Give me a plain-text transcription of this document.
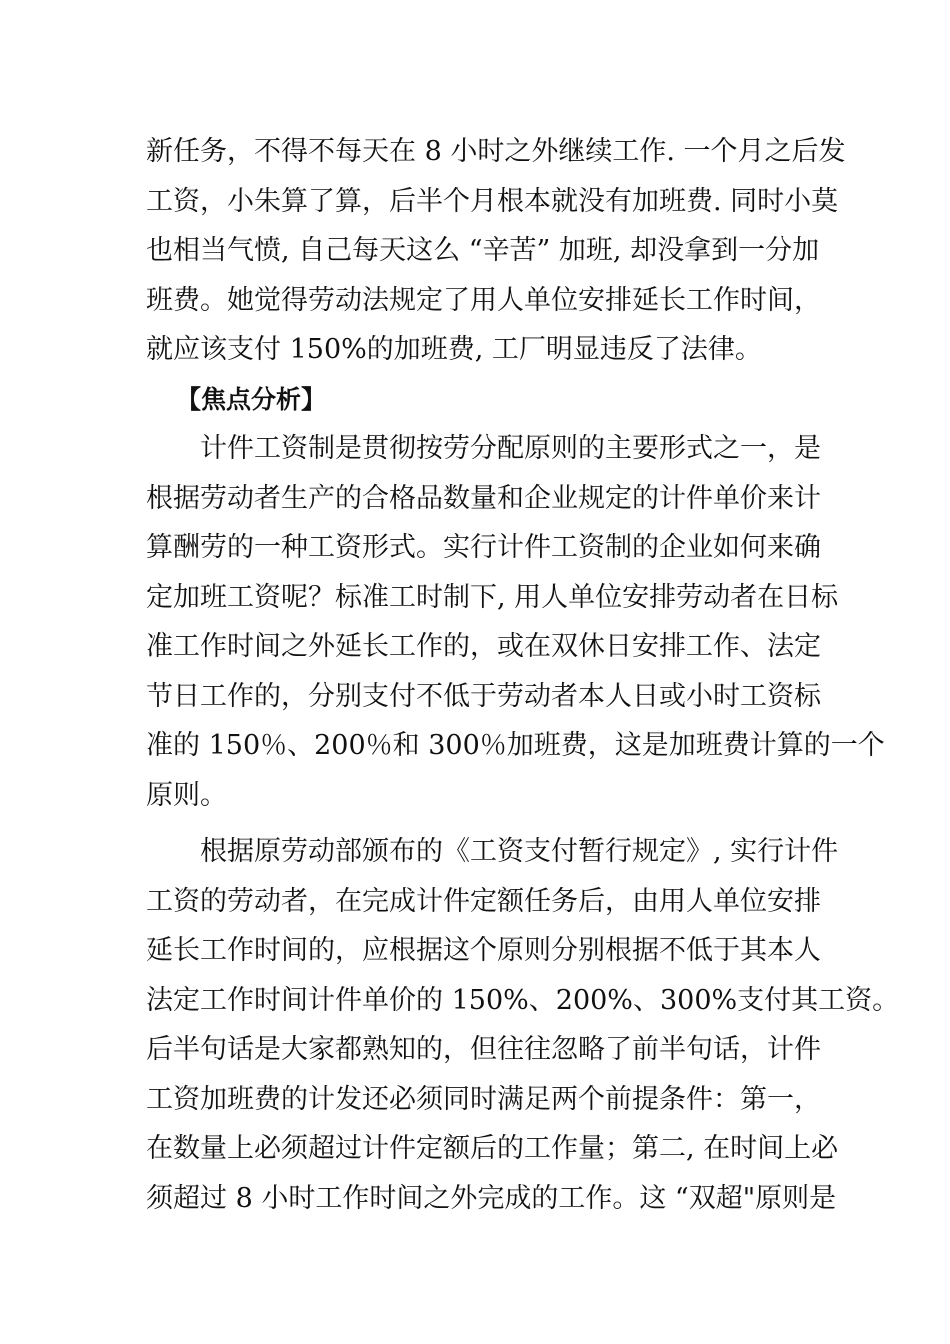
新任务，不得不每天在 8 小时之外继续工作. 一个月之后发
工资，小朱算了算，后半个月根本就没有加班费. 同时小莫
也相当气愤, 自己每天这么 “辛苦” 加班, 却没拿到一分加
班费。她觉得劳动法规定了用人单位安排延长工作时间，
就应该支付 150%的加班费, 工厂明显违反了法律。
【焦点分析】
计件工资制是贯彻按劳分配原则的主要形式之一，是
根据劳动者生产的合格品数量和企业规定的计件单价来计
算酬劳的一种工资形式。实行计件工资制的企业如何来确
定加班工资呢？标准工时制下, 用人单位安排劳动者在日标
准工作时间之外延长工作的，或在双休日安排工作、法定
节日工作的，分别支付不低于劳动者本人日或小时工资标
准的 150％、200％和 300％加班费，这是加班费计算的一个
原则。
根据原劳动部颁布的《工资支付暂行规定》, 实行计件
工资的劳动者，在完成计件定额任务后，由用人单位安排
延长工作时间的，应根据这个原则分别根据不低于其本人
法定工作时间计件单价的 150%、200%、300%支付其工资。
后半句话是大家都熟知的，但往往忽略了前半句话，计件
工资加班费的计发还必须同时满足两个前提条件：第一，
在数量上必须超过计件定额后的工作量；第二, 在时间上必
须超过 8 小时工作时间之外完成的工作。这 “双超"原则是
